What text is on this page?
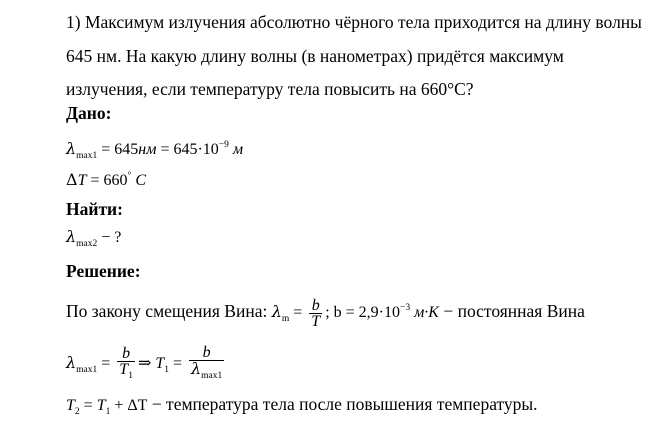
1) Максимум излучения абсолютно чёрного тела приходится на длину волны
645 нм. На какую длину волны (в нанометрах) придётся максимум
излучения, если температуру тела повысить на 660°С?
Дано:
$\lambda_{max1} = 645нм = 645\cdot 10^{-9}$ м
ΔT = 660° C
Найти:
$\lambda_{max2}$ − ?
Решение:
По закону смещения Вина: $\lambda_m = \frac{b}{T}$ ; $b = 2,9\cdot 10^{-3}$ м·K − постоянная Вина
$\lambda_{max1} = \frac{b}{T_1}$ ⇒ $T_1 = \frac{b}{\lambda_{max1}}$
$T_2 = T_1 + \Delta T$ − температура тела после повышения температуры.
